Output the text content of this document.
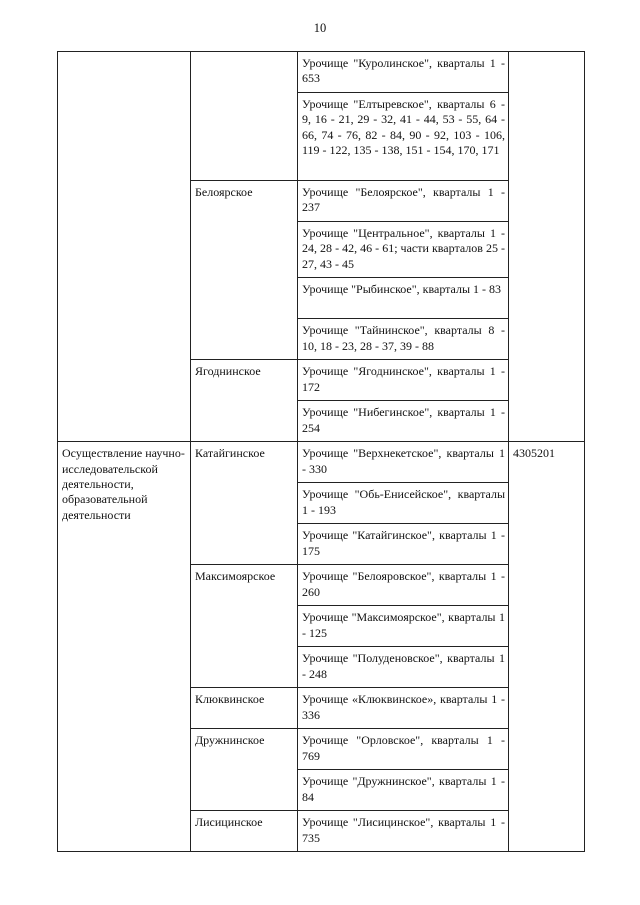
10
		Урочище "Куролинское", кварталы 1 - 653	
		Урочище "Елтыревское", кварталы 6 - 9, 16 - 21, 29 - 32, 41 - 44, 53 - 55, 64 - 66, 74 - 76, 82 - 84, 90 - 92, 103 - 106, 119 - 122, 135 - 138, 151 - 154, 170, 171	
	Белоярское	Урочище "Белоярское", кварталы 1 - 237	
		Урочище "Центральное", кварталы 1 - 24, 28 - 42, 46 - 61; части кварталов 25 - 27, 43 - 45	
		Урочище "Рыбинское", кварталы 1 - 83	
		Урочище "Тайнинское", кварталы 8 - 10, 18 - 23, 28 - 37, 39 - 88	
	Ягоднинское	Урочище "Ягоднинское", кварталы 1 - 172	
		Урочище "Нибегинское", кварталы 1 - 254	
Осуществление научно-исследовательской деятельности, образовательной деятельности	Катайгинское	Урочище "Верхнекетское", кварталы 1 - 330	4305201
		Урочище "Обь-Енисейское", кварталы 1 - 193	
		Урочище "Катайгинское", кварталы 1 - 175	
	Максимоярское	Урочище "Белояровское", кварталы 1 - 260	
		Урочище "Максимоярское", кварталы 1 - 125	
		Урочище "Полуденовское", кварталы 1 - 248	
	Клюквинское	Урочище «Клюквинское», кварталы 1 - 336	
	Дружнинское	Урочище "Орловское", кварталы 1 - 769	
		Урочище "Дружнинское", кварталы 1 - 84	
	Лисицинское	Урочище "Лисицинское", кварталы 1 - 735	
